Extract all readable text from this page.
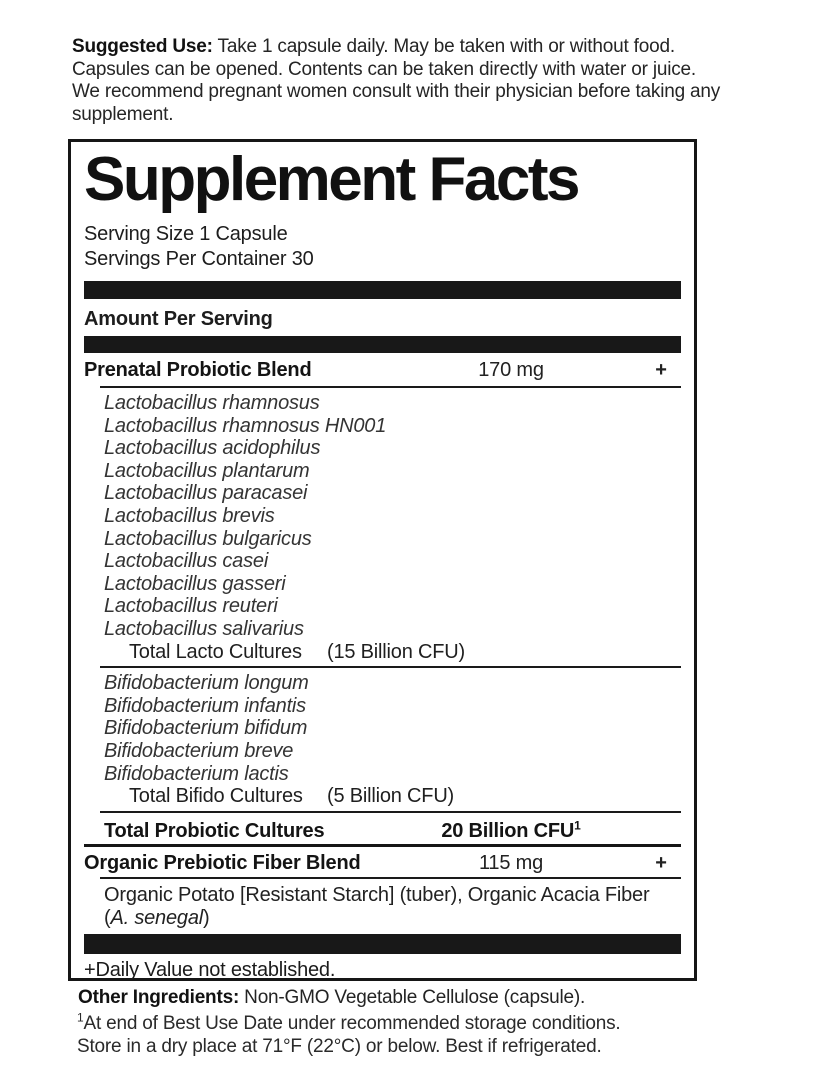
Suggested Use: Take 1 capsule daily. May be taken with or without food. Capsules can be opened. Contents can be taken directly with water or juice. We recommend pregnant women consult with their physician before taking any supplement.

Supplement Facts
Serving Size 1 Capsule
Servings Per Container 30
Amount Per Serving
Prenatal Probiotic Blend	170 mg	+
Lactobacillus rhamnosus
Lactobacillus rhamnosus HN001
Lactobacillus acidophilus
Lactobacillus plantarum
Lactobacillus paracasei
Lactobacillus brevis
Lactobacillus bulgaricus
Lactobacillus casei
Lactobacillus gasseri
Lactobacillus reuteri
Lactobacillus salivarius
Total Lacto Cultures (15 Billion CFU)
Bifidobacterium longum
Bifidobacterium infantis
Bifidobacterium bifidum
Bifidobacterium breve
Bifidobacterium lactis
Total Bifido Cultures (5 Billion CFU)
Total Probiotic Cultures	20 Billion CFU$^1$
Organic Prebiotic Fiber Blend	115 mg	+
Organic Potato [Resistant Starch] (tuber), Organic Acacia Fiber
(A. senegal)
+Daily Value not established.

Other Ingredients: Non-GMO Vegetable Cellulose (capsule).

$^1$At end of Best Use Date under recommended storage conditions.
Store in a dry place at 71°F (22°C) or below. Best if refrigerated.
